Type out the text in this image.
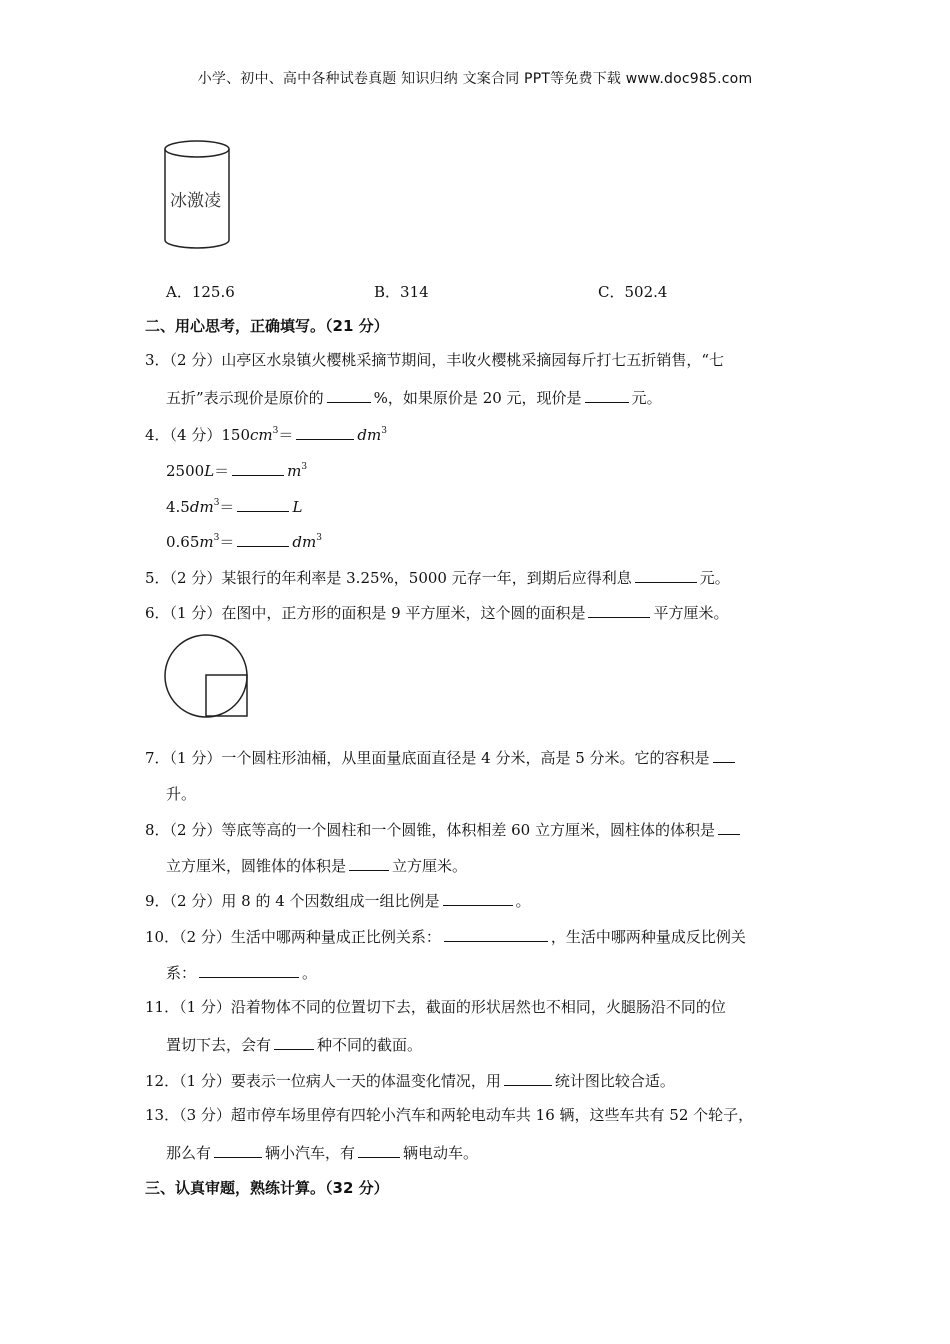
小学、初中、高中各种试卷真题 知识归纳 文案合同 PPT等免费下载 www.doc985.com
冰激凌
A．125.6	B．314	C．502.4
二、用心思考，正确填写。（21 分）
3．（2 分）山亭区水泉镇火樱桃采摘节期间，丰收火樱桃采摘园每斤打七五折销售，“七
五折”表示现价是原价的	%，如果原价是 20 元，现价是	元。
4．（4 分）$150cm^3=$	$dm^3$
2500L＝	$m^3$
$4.5dm^3=$	L
$0.65m^3=$	$dm^3$
5．（2 分）某银行的年利率是 3.25%，5000 元存一年，到期后应得利息	元。
6．（1 分）在图中，正方形的面积是 9 平方厘米，这个圆的面积是	平方厘米。
7．（1 分）一个圆柱形油桶，从里面量底面直径是 4 分米，高是 5 分米。它的容积是
升。
8．（2 分）等底等高的一个圆柱和一个圆锥，体积相差 60 立方厘米，圆柱体的体积是
立方厘米，圆锥体的体积是	立方厘米。
9．（2 分）用 8 的 4 个因数组成一组比例是	。
10．（2 分）生活中哪两种量成正比例关系：	，生活中哪两种量成反比例关
系：	。
11．（1 分）沿着物体不同的位置切下去，截面的形状居然也不相同，火腿肠沿不同的位
置切下去，会有	种不同的截面。
12．（1 分）要表示一位病人一天的体温变化情况，用	统计图比较合适。
13．（3 分）超市停车场里停有四轮小汽车和两轮电动车共 16 辆，这些车共有 52 个轮子，
那么有	辆小汽车，有	辆电动车。
三、认真审题，熟练计算。（32 分）
